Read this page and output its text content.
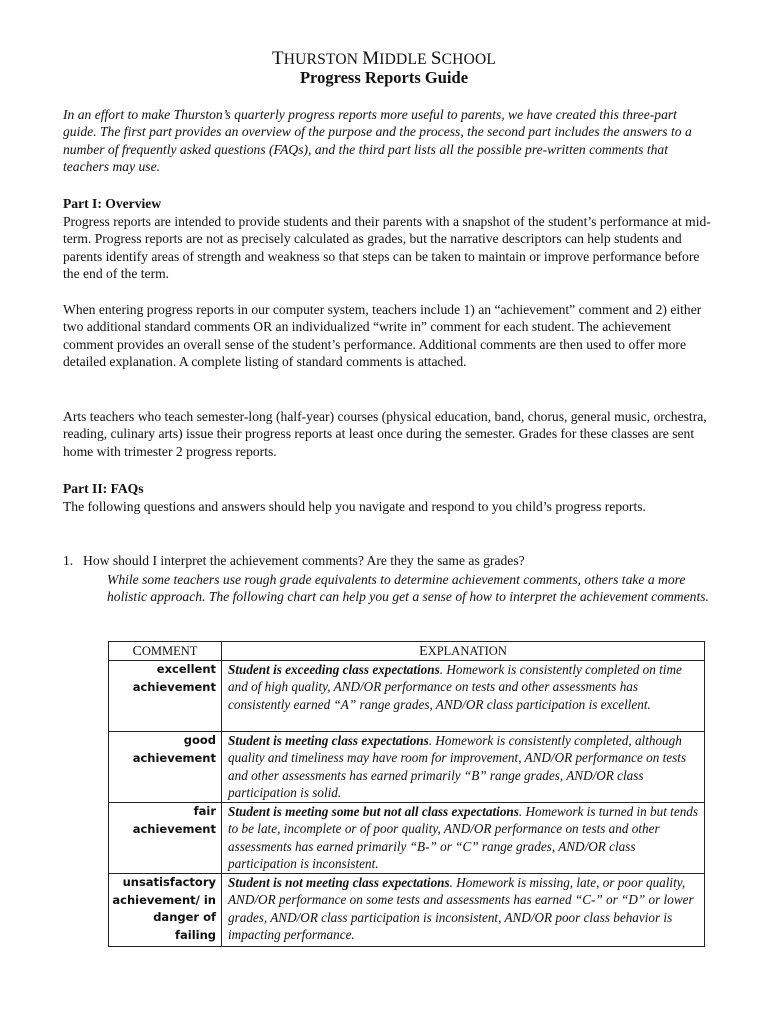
THURSTON MIDDLE SCHOOL
Progress Reports Guide
In an effort to make Thurston’s quarterly progress reports more useful to parents, we have created this three-part guide. The first part provides an overview of the purpose and the process, the second part includes the answers to a number of frequently asked questions (FAQs), and the third part lists all the possible pre-written comments that teachers may use.
Part I: Overview
Progress reports are intended to provide students and their parents with a snapshot of the student’s performance at mid-term. Progress reports are not as precisely calculated as grades, but the narrative descriptors can help students and parents identify areas of strength and weakness so that steps can be taken to maintain or improve performance before the end of the term.
When entering progress reports in our computer system, teachers include 1) an “achievement” comment and 2) either two additional standard comments OR an individualized “write in” comment for each student. The achievement comment provides an overall sense of the student’s performance. Additional comments are then used to offer more detailed explanation. A complete listing of standard comments is attached.
Arts teachers who teach semester-long (half-year) courses (physical education, band, chorus, general music, orchestra, reading, culinary arts) issue their progress reports at least once during the semester. Grades for these classes are sent home with trimester 2 progress reports.
Part II: FAQs
The following questions and answers should help you navigate and respond to you child’s progress reports.
1. How should I interpret the achievement comments? Are they the same as grades?
While some teachers use rough grade equivalents to determine achievement comments, others take a more holistic approach. The following chart can help you get a sense of how to interpret the achievement comments.
COMMENT	EXPLANATION
excellent achievement	Student is exceeding class expectations. Homework is consistently completed on time and of high quality, AND/OR performance on tests and other assessments has consistently earned “A” range grades, AND/OR class participation is excellent.
good achievement	Student is meeting class expectations. Homework is consistently completed, although quality and timeliness may have room for improvement, AND/OR performance on tests and other assessments has earned primarily “B” range grades, AND/OR class participation is solid.
fair achievement	Student is meeting some but not all class expectations. Homework is turned in but tends to be late, incomplete or of poor quality, AND/OR performance on tests and other assessments has earned primarily “B-” or “C” range grades, AND/OR class participation is inconsistent.
unsatisfactory achievement/ in danger of failing	Student is not meeting class expectations. Homework is missing, late, or poor quality, AND/OR performance on some tests and assessments has earned “C-” or “D” or lower grades, AND/OR class participation is inconsistent, AND/OR poor class behavior is impacting performance.
